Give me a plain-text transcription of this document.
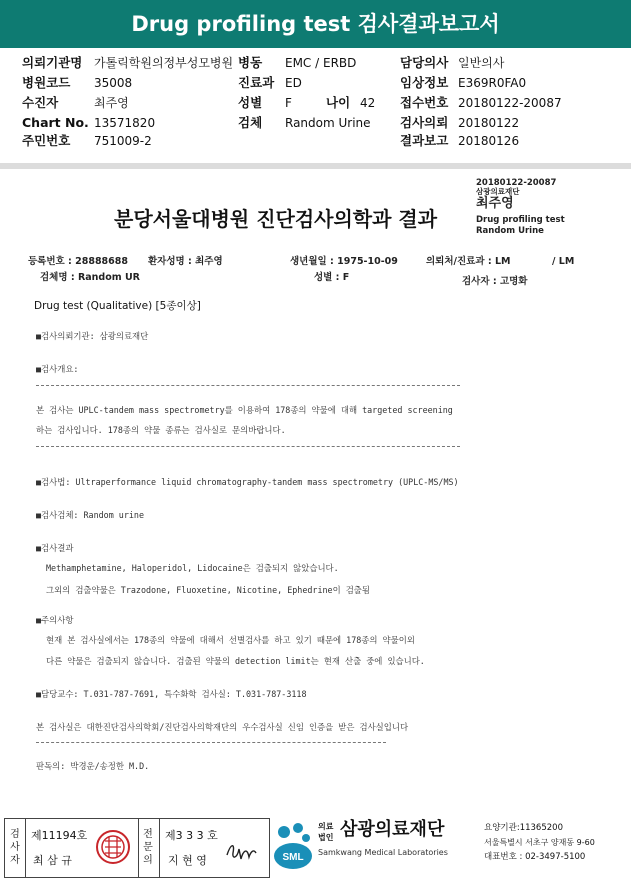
Drug profiling test 검사결과보고서
의뢰기관명 가톨릭학원의정부성모병원 병동 EMC / ERBD	담당의사 일반의사
병원코드 35008	진료과 ED	임상정보 E369R0FA0
수진자	최주영	성별 F	나이 42 접수번호 20180122-20087
Chart No. 13571820	검체 Random Urine 검사의뢰 20180122
주민번호 751009-2	결과보고 20180126
20180122-20087
삼광의료재단
최주영
Drug profiling test
Random Urine
분당서울대병원 진단검사의학과 결과
등록번호 : 28888688 환자성명 : 최주영	생년월일 : 1975-10-09	의뢰처/진료과 : LM	/ LM
검체명 : Random UR	성별 : F	검사자 : 고명화
Drug test (Qualitative) [5종이상]
■검사의뢰기관: 삼광의료재단
■검사개요:
본 검사는 UPLC-tandem mass spectrometry를 이용하여 178종의 약물에 대해 targeted screening
하는 검사입니다. 178종의 약물 종류는 검사실로 문의바랍니다.
■검사법: Ultraperformance liquid chromatography-tandem mass spectrometry (UPLC-MS/MS)
■검사검체: Random urine
■검사결과
Methamphetamine, Haloperidol, Lidocaine은 검출되지 않았습니다.
그외의 검출약물은 Trazodone, Fluoxetine, Nicotine, Ephedrine이 검출됨
■주의사항
현재 본 검사실에서는 178종의 약물에 대해서 선별검사를 하고 있기 때문에 178종의 약물이외
다른 약물은 검출되지 않습니다. 검출된 약물의 detection limit는 현재 산출 중에 있습니다.
■담당교수: T.031-787-7691, 특수화학 검사실: T.031-787-3118
본 검사실은 대한진단검사의학회/진단검사의학재단의 우수검사실 신임 인증을 받은 검사실입니다
판독의: 박경운/송정한 M.D.
검
사
자
제11194호
최 삼 규
전
문
의
제3 3 3 호
지 현 영	SML
의료
법인 삼광의료재단
Samkwang Medical Laboratories
요양기관:11365200
서울특별시 서초구 양재동 9-60
대표번호 : 02-3497-5100
